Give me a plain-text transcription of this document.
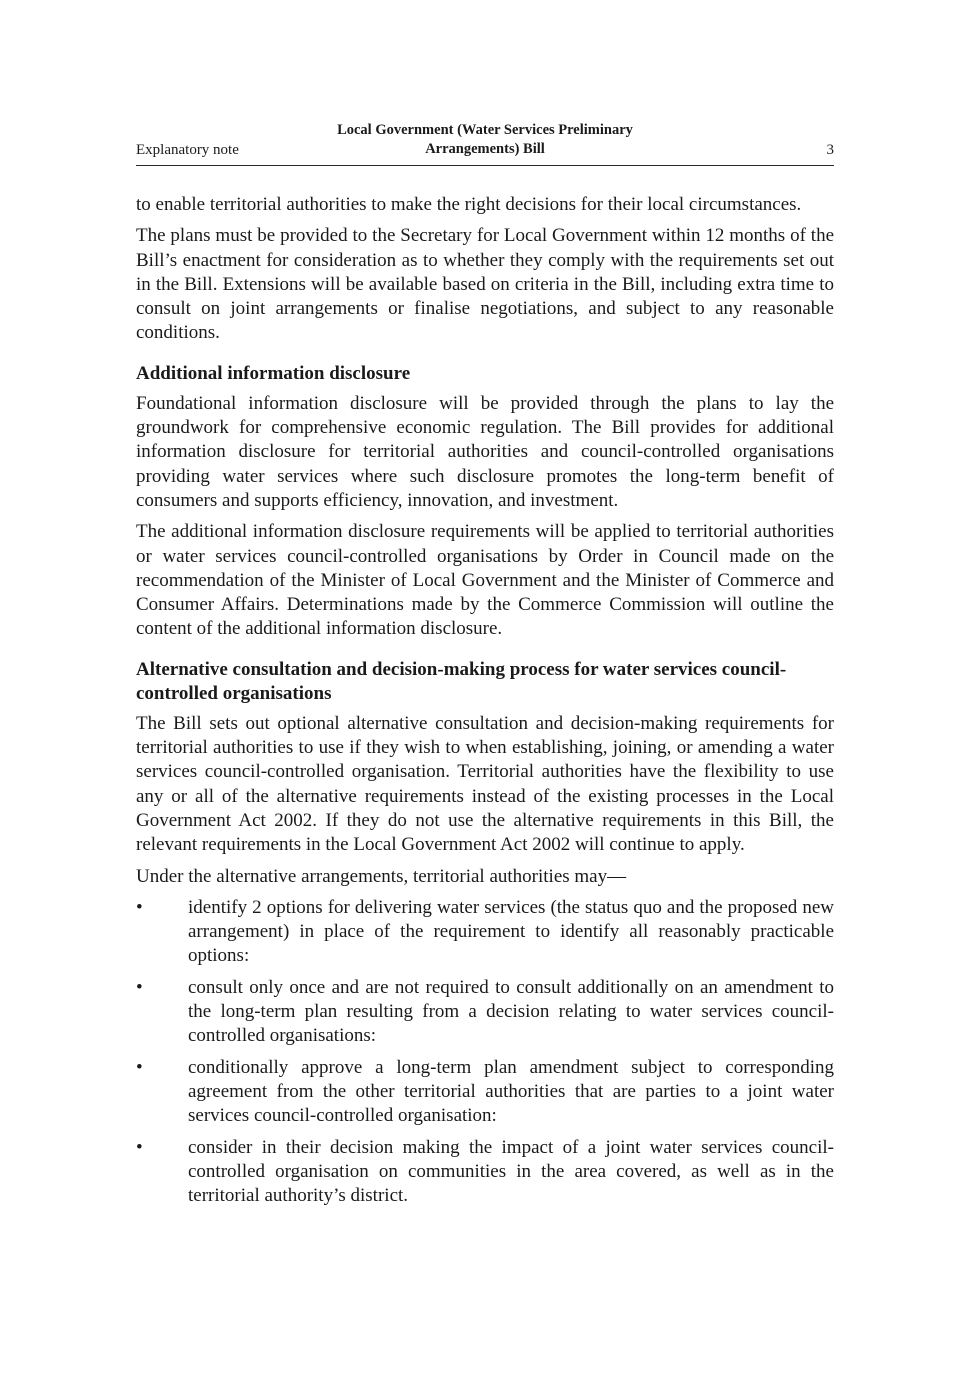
Explanatory note
Local Government (Water Services Preliminary
Arrangements) Bill	3

to enable territorial authorities to make the right decisions for their local circumstances.

The plans must be provided to the Secretary for Local Government within 12 months of the Bill’s enactment for consideration as to whether they comply with the requirements set out in the Bill. Extensions will be available based on criteria in the Bill, including extra time to consult on joint arrangements or finalise negotiations, and subject to any reasonable conditions.

Additional information disclosure

Foundational information disclosure will be provided through the plans to lay the groundwork for comprehensive economic regulation. The Bill provides for additional information disclosure for territorial authorities and council-controlled organisations providing water services where such disclosure promotes the long-term benefit of consumers and supports efficiency, innovation, and investment.

The additional information disclosure requirements will be applied to territorial authorities or water services council-controlled organisations by Order in Council made on the recommendation of the Minister of Local Government and the Minister of Commerce and Consumer Affairs. Determinations made by the Commerce Commission will outline the content of the additional information disclosure.

Alternative consultation and decision-making process for water services council-controlled organisations

The Bill sets out optional alternative consultation and decision-making requirements for territorial authorities to use if they wish to when establishing, joining, or amending a water services council-controlled organisation. Territorial authorities have the flexibility to use any or all of the alternative requirements instead of the existing processes in the Local Government Act 2002. If they do not use the alternative requirements in this Bill, the relevant requirements in the Local Government Act 2002 will continue to apply.

Under the alternative arrangements, territorial authorities may—

• identify 2 options for delivering water services (the status quo and the proposed new arrangement) in place of the requirement to identify all reasonably practicable options:
• consult only once and are not required to consult additionally on an amendment to the long-term plan resulting from a decision relating to water services council-controlled organisations:
• conditionally approve a long-term plan amendment subject to corresponding agreement from the other territorial authorities that are parties to a joint water services council-controlled organisation:
• consider in their decision making the impact of a joint water services council-controlled organisation on communities in the area covered, as well as in the territorial authority’s district.
